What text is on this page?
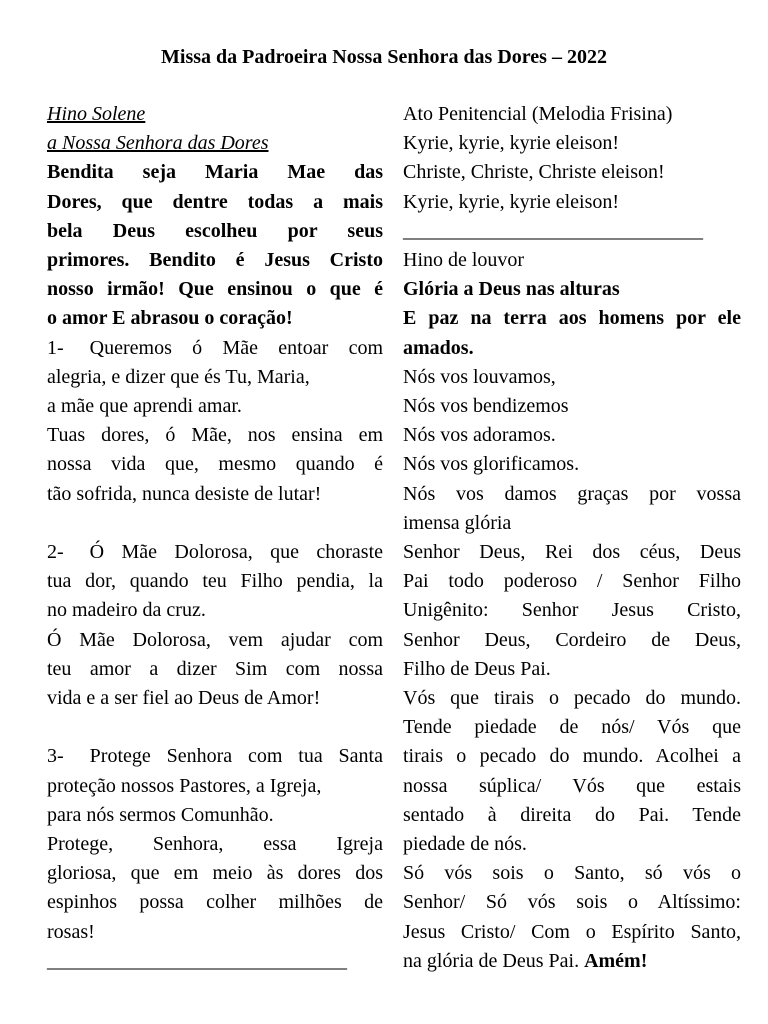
Missa da Padroeira Nossa Senhora das Dores – 2022
Hino Solene
a Nossa Senhora das Dores
Bendita seja Maria Mae das
Dores, que dentre todas a mais
bela Deus escolheu por seus
primores. Bendito é Jesus Cristo
nosso irmão! Que ensinou o que é
o amor E abrasou o coração!
1- Queremos ó Mãe entoar com
alegria, e dizer que és Tu, Maria,
a mãe que aprendi amar.
Tuas dores, ó Mãe, nos ensina em
nossa vida que, mesmo quando é
tão sofrida, nunca desiste de lutar!
2- Ó Mãe Dolorosa, que choraste
tua dor, quando teu Filho pendia, la
no madeiro da cruz.
Ó Mãe Dolorosa, vem ajudar com
teu amor a dizer Sim com nossa
vida e a ser fiel ao Deus de Amor!
3- Protege Senhora com tua Santa
proteção nossos Pastores, a Igreja,
para nós sermos Comunhão.
Protege, Senhora, essa Igreja
gloriosa, que em meio às dores dos
espinhos possa colher milhões de
rosas!
______________________________
Ato Penitencial (Melodia Frisina)
Kyrie, kyrie, kyrie eleison!
Christe, Christe, Christe eleison!
Kyrie, kyrie, kyrie eleison!
______________________________
Hino de louvor
Glória a Deus nas alturas
E paz na terra aos homens por ele
amados.
Nós vos louvamos,
Nós vos bendizemos
Nós vos adoramos.
Nós vos glorificamos.
Nós vos damos graças por vossa
imensa glória
Senhor Deus, Rei dos céus, Deus
Pai todo poderoso / Senhor Filho
Unigênito: Senhor Jesus Cristo,
Senhor Deus, Cordeiro de Deus,
Filho de Deus Pai.
Vós que tirais o pecado do mundo.
Tende piedade de nós/ Vós que
tirais o pecado do mundo. Acolhei a
nossa súplica/ Vós que estais
sentado à direita do Pai. Tende
piedade de nós.
Só vós sois o Santo, só vós o
Senhor/ Só vós sois o Altíssimo:
Jesus Cristo/ Com o Espírito Santo,
na glória de Deus Pai. Amém!
